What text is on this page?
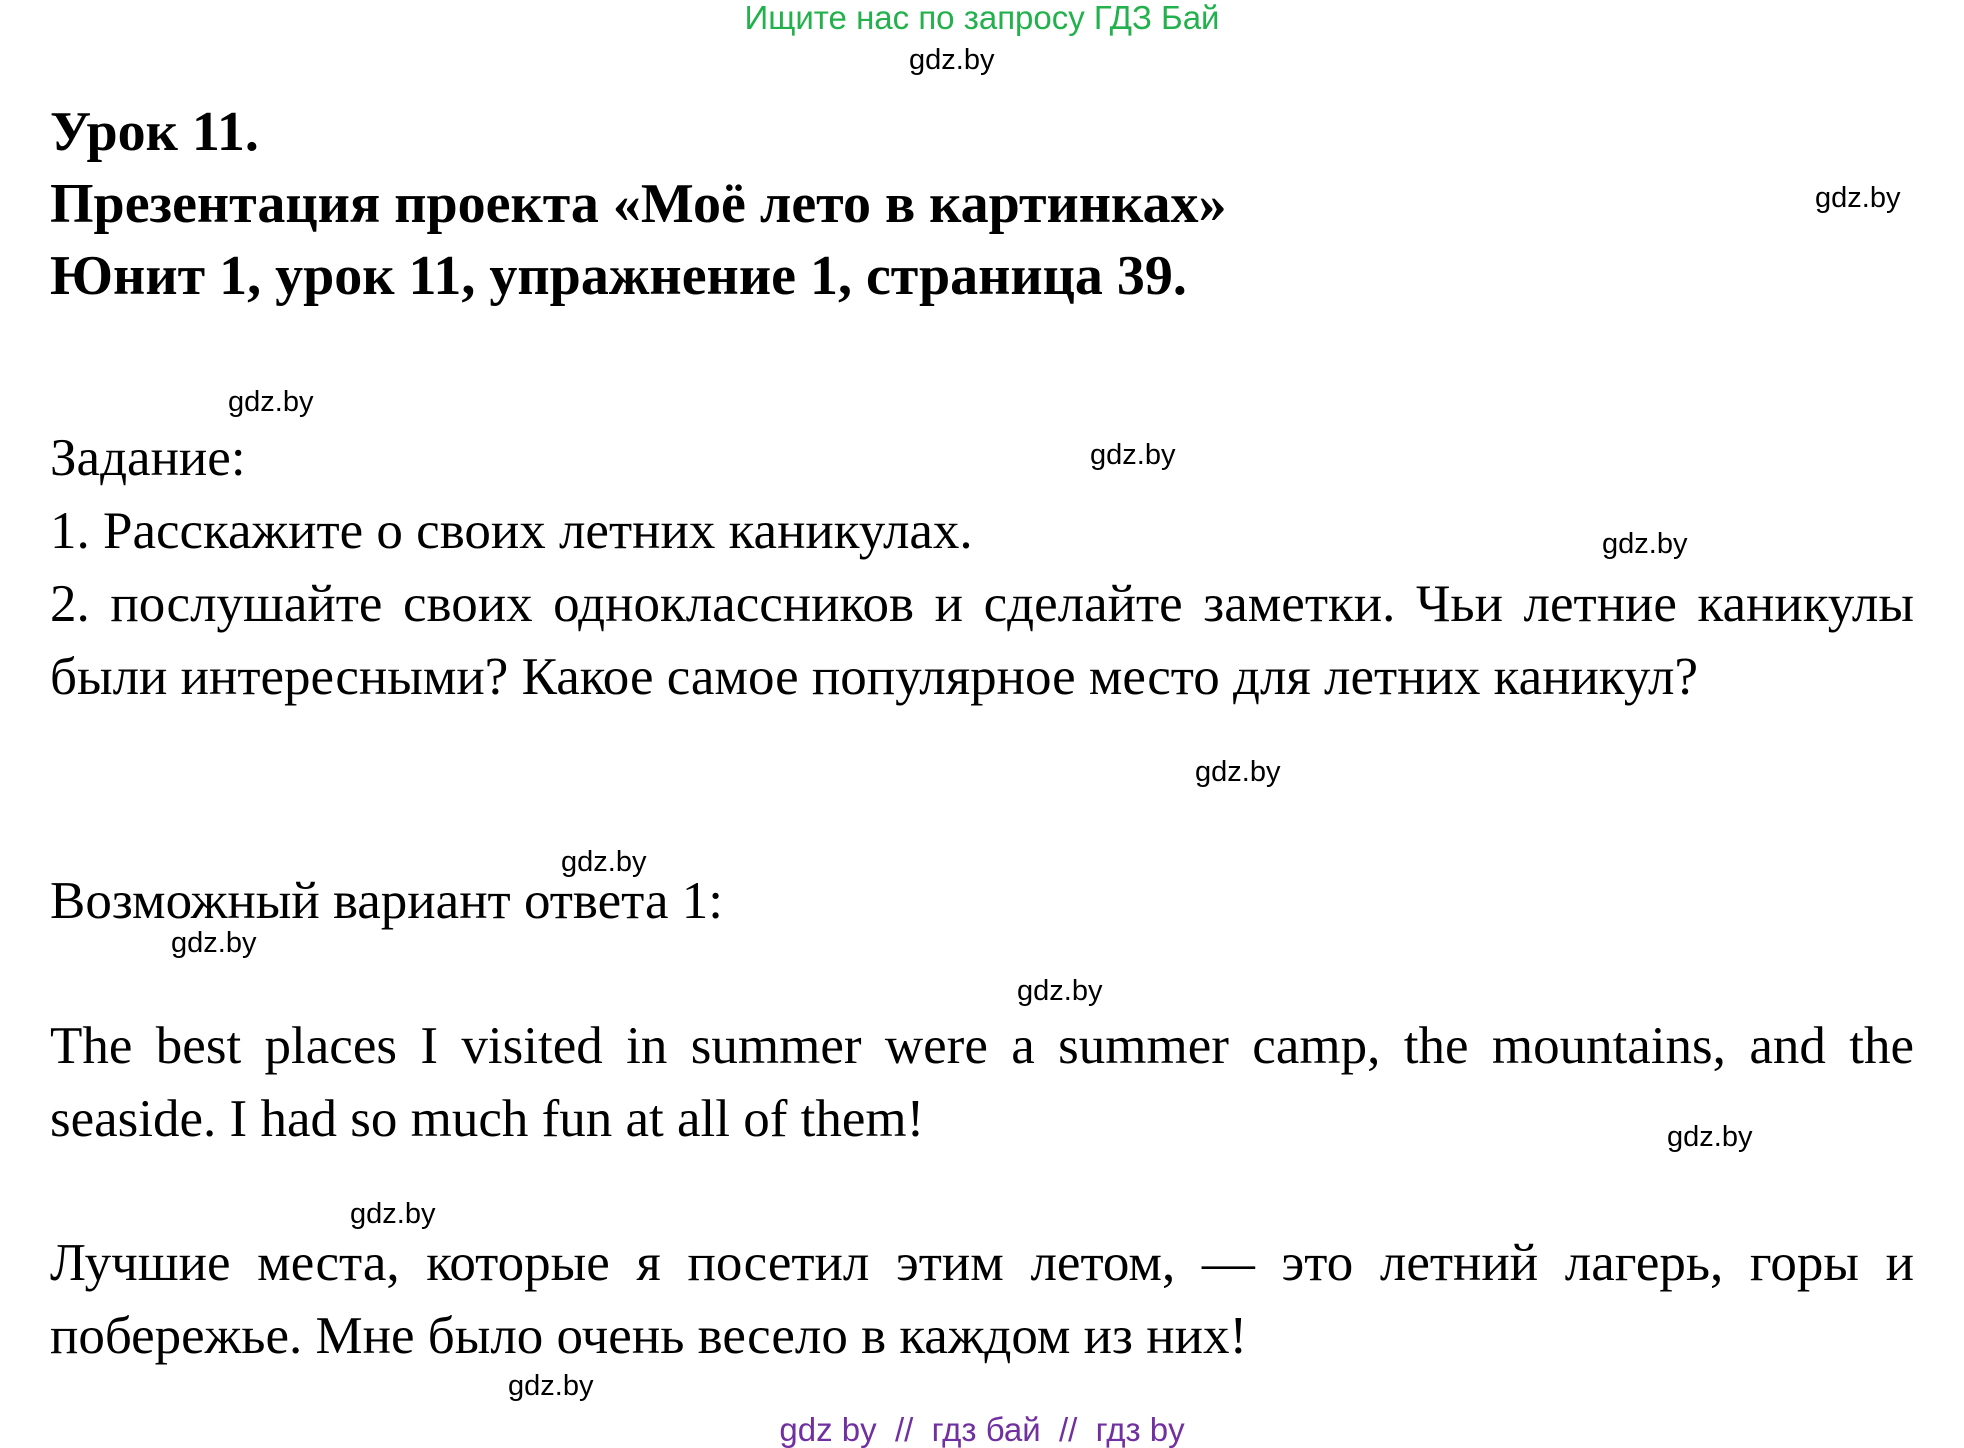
Ищите нас по запросу ГДЗ Бай
gdz.by
gdz.by
gdz.by
gdz.by
gdz.by
gdz.by
gdz.by
gdz.by
gdz.by
gdz.by
gdz.by
gdz.by
Урок 11.
Презентация проекта «Моё лето в картинках»
Юнит 1, урок 11, упражнение 1, страница 39.

Задание:

1. Расскажите о своих летних каникулах.

2. послушайте своих одноклассников и сделайте заметки. Чьи летние каникулы были интересными? Какое самое популярное место для летних каникул?

Возможный вариант ответа 1:

The best places I visited in summer were a summer camp, the mountains, and the seaside. I had so much fun at all of them!

Лучшие места, которые я посетил этим летом, — это летний лагерь, горы и побережье. Мне было очень весело в каждом из них!

gdz by  //  гдз бай  //  гдз by
